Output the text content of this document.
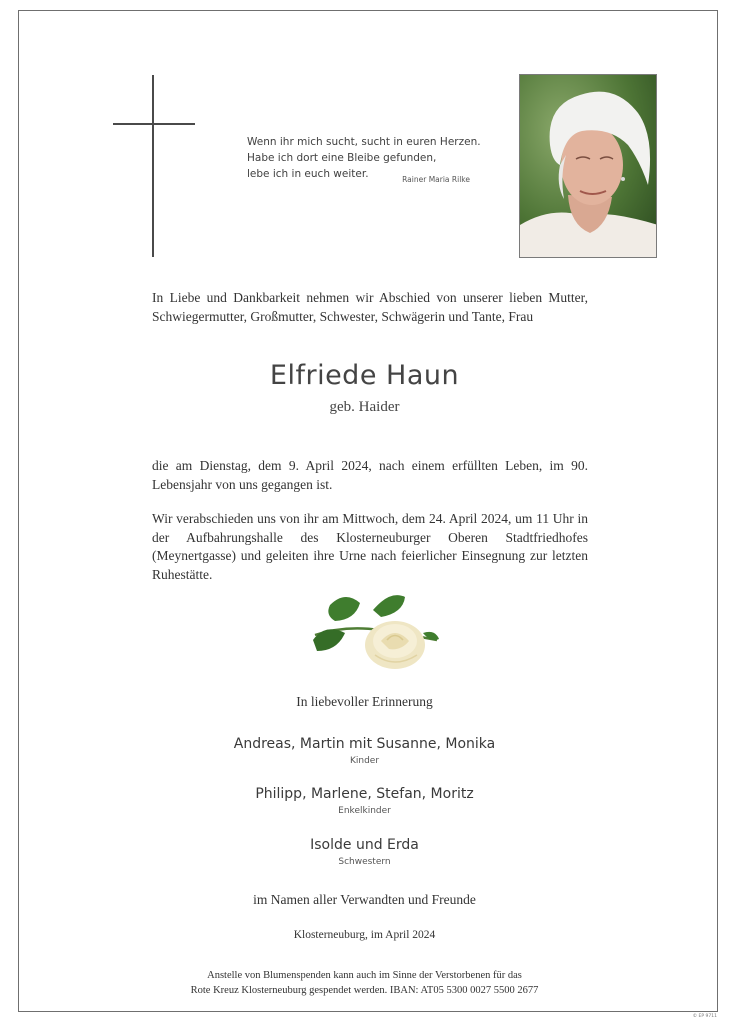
Wenn ihr mich sucht, sucht in euren Herzen.
Habe ich dort eine Bleibe gefunden,
lebe ich in euch weiter.	Rainer Maria Rilke

In Liebe und Dankbarkeit nehmen wir Abschied von unserer lieben Mutter, Schwiegermutter, Großmutter, Schwester, Schwägerin und Tante, Frau

Elfriede Haun
geb. Haider

die am Dienstag, dem 9. April 2024, nach einem erfüllten Leben, im 90. Lebensjahr von uns gegangen ist.

Wir verabschieden uns von ihr am Mittwoch, dem 24. April 2024, um 11 Uhr in der Aufbahrungshalle des Klosterneuburger Oberen Stadtfriedhofes (Meynertgasse) und geleiten ihre Urne nach feierlicher Einsegnung zur letzten Ruhestätte.

In liebevoller Erinnerung
Andreas, Martin mit Susanne, Monika
Kinder
Philipp, Marlene, Stefan, Moritz
Enkelkinder
Isolde und Erda
Schwestern
im Namen aller Verwandten und Freunde
Klosterneuburg, im April 2024
Anstelle von Blumenspenden kann auch im Sinne der Verstorbenen für das
Rote Kreuz Klosterneuburg gespendet werden. IBAN: AT05 5300 0027 5500 2677
© EP 9711
